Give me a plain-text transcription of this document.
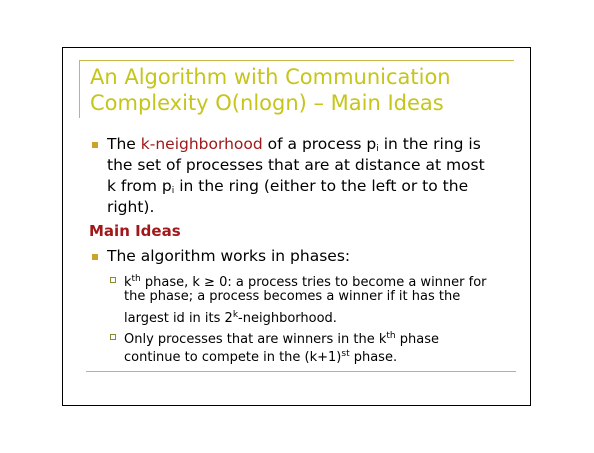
An Algorithm with Communication
Complexity O(nlogn) – Main Ideas
The k-neighborhood of a process $p_i$ in the ring is
the set of processes that are at distance at most
k from $p_i$ in the ring (either to the left or to the
right).
Main Ideas
The algorithm works in phases:
$k^{th}$ phase, k ≥ 0: a process tries to become a winner for
the phase; a process becomes a winner if it has the
largest id in its 2$^k$-neighborhood.
Only processes that are winners in the $k^{th}$ phase
continue to compete in the $(k+1)^{st}$ phase.
